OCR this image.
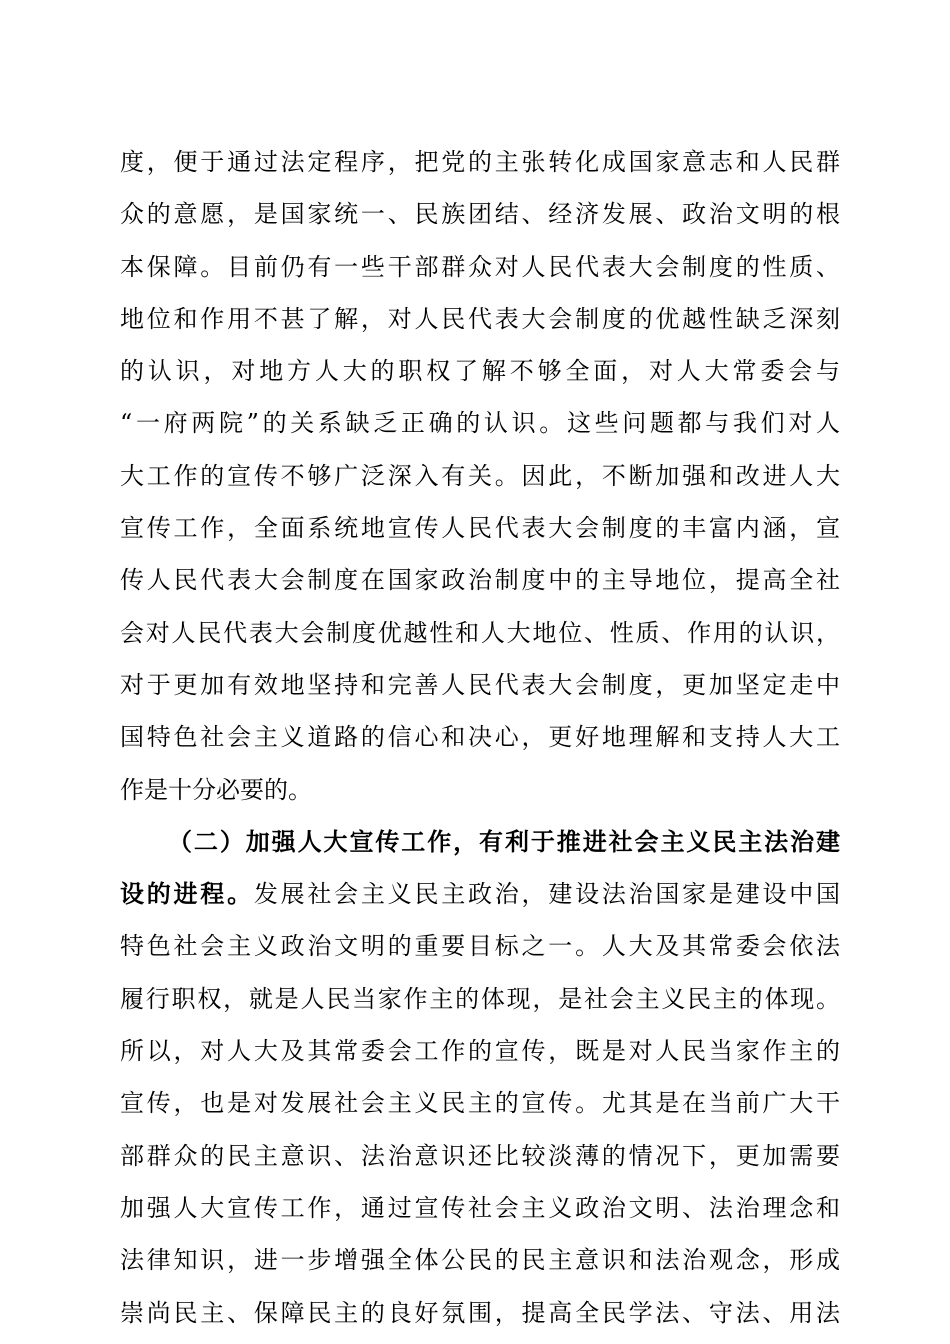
度，便于通过法定程序，把党的主张转化成国家意志和人民群
众的意愿，是国家统一、民族团结、经济发展、政治文明的根
本保障。目前仍有一些干部群众对人民代表大会制度的性质、
地位和作用不甚了解，对人民代表大会制度的优越性缺乏深刻
的认识，对地方人大的职权了解不够全面，对人大常委会与
“一府两院”的关系缺乏正确的认识。这些问题都与我们对人
大工作的宣传不够广泛深入有关。因此，不断加强和改进人大
宣传工作，全面系统地宣传人民代表大会制度的丰富内涵，宣
传人民代表大会制度在国家政治制度中的主导地位，提高全社
会对人民代表大会制度优越性和人大地位、性质、作用的认识，
对于更加有效地坚持和完善人民代表大会制度，更加坚定走中
国特色社会主义道路的信心和决心，更好地理解和支持人大工
作是十分必要的。
（二）加强人大宣传工作，有利于推进社会主义民主法治建
设的进程。发展社会主义民主政治，建设法治国家是建设中国
特色社会主义政治文明的重要目标之一。人大及其常委会依法
履行职权，就是人民当家作主的体现，是社会主义民主的体现。
所以，对人大及其常委会工作的宣传，既是对人民当家作主的
宣传，也是对发展社会主义民主的宣传。尤其是在当前广大干
部群众的民主意识、法治意识还比较淡薄的情况下，更加需要
加强人大宣传工作，通过宣传社会主义政治文明、法治理念和
法律知识，进一步增强全体公民的民主意识和法治观念，形成
崇尚民主、保障民主的良好氛围，提高全民学法、守法、用法
